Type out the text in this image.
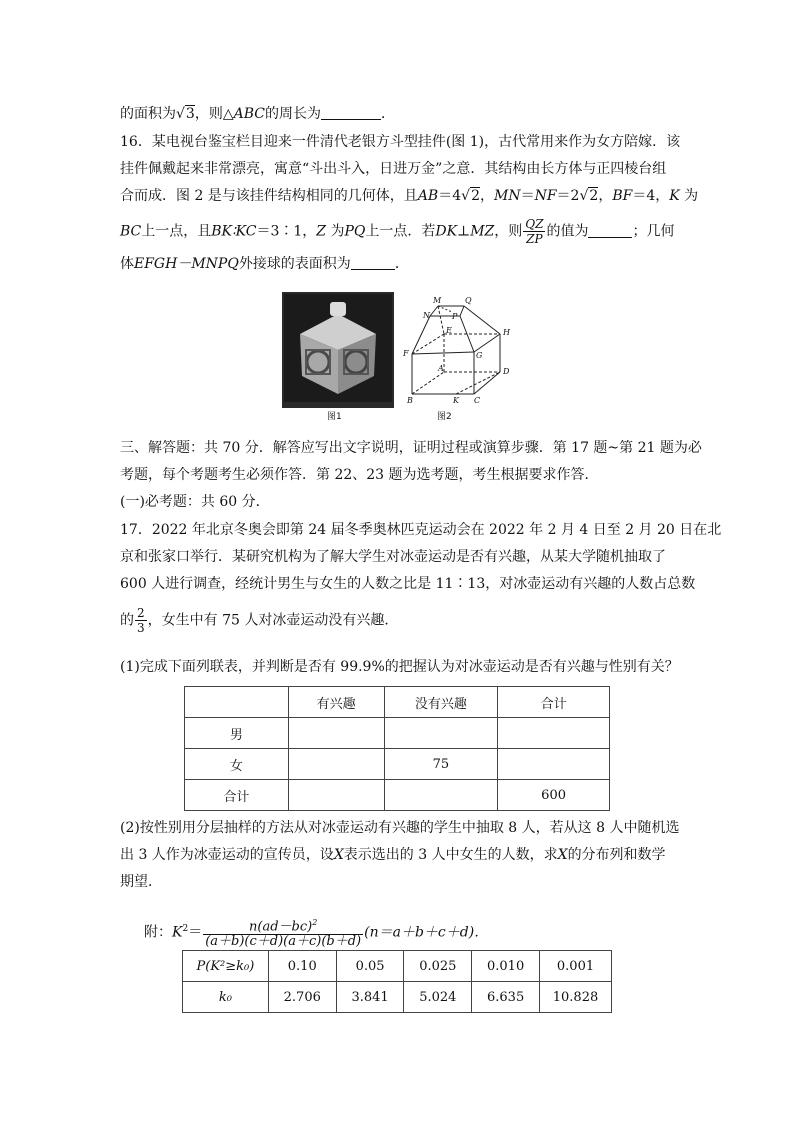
的面积为√3，则△ABC的周长为	．
16．某电视台鉴宝栏目迎来一件清代老银方斗型挂件(图 1)，古代常用来作为女方陪嫁．该
挂件佩戴起来非常漂亮，寓意“斗出斗入，日进万金”之意．其结构由长方体与正四棱台组
合而成．图 2 是与该挂件结构相同的几何体，且AB＝4√2，MN＝NF＝2√2，BF＝4，K 为
BC上一点，且BK∶KC＝3∶1，Z 为PQ上一点．若DK⊥MZ，则 $\frac{QZ}{ZP}$ 的值为	；几何
体EFGH－MNPQ外接球的表面积为	．
图1
M	Q
N	P
E	H
F	G
A	D
B	K C
图2
三、解答题：共 70 分．解答应写出文字说明，证明过程或演算步骤．第 17 题~第 21 题为必
考题，每个考题考生必须作答．第 22、23 题为选考题，考生根据要求作答．
(一)必考题：共 60 分．
17．2022 年北京冬奥会即第 24 届冬季奥林匹克运动会在 2022 年 2 月 4 日至 2 月 20 日在北
京和张家口举行．某研究机构为了解大学生对冰壶运动是否有兴趣，从某大学随机抽取了
600 人进行调查，经统计男生与女生的人数之比是 11∶13，对冰壶运动有兴趣的人数占总数
的 $\frac{2}{3}$ ，女生中有 75 人对冰壶运动没有兴趣．
(1)完成下面列联表，并判断是否有 99.9%的把握认为对冰壶运动是否有兴趣与性别有关？
	有兴趣	没有兴趣	合计
男			
女		75	
合计			600
(2)按性别用分层抽样的方法从对冰壶运动有兴趣的学生中抽取 8 人，若从这 8 人中随机选
出 3 人作为冰壶运动的宣传员，设X表示选出的 3 人中女生的人数，求X的分布列和数学
期望．
附：$K^2= \frac{n(ad-bc)^2}{(a+b)(c+d)(a+c)(b+d)} (n=a+b+c+d)$．
P(K²≥k₀)	0.10	0.05	0.025	0.010	0.001
k₀	2.706	3.841	5.024	6.635	10.828
